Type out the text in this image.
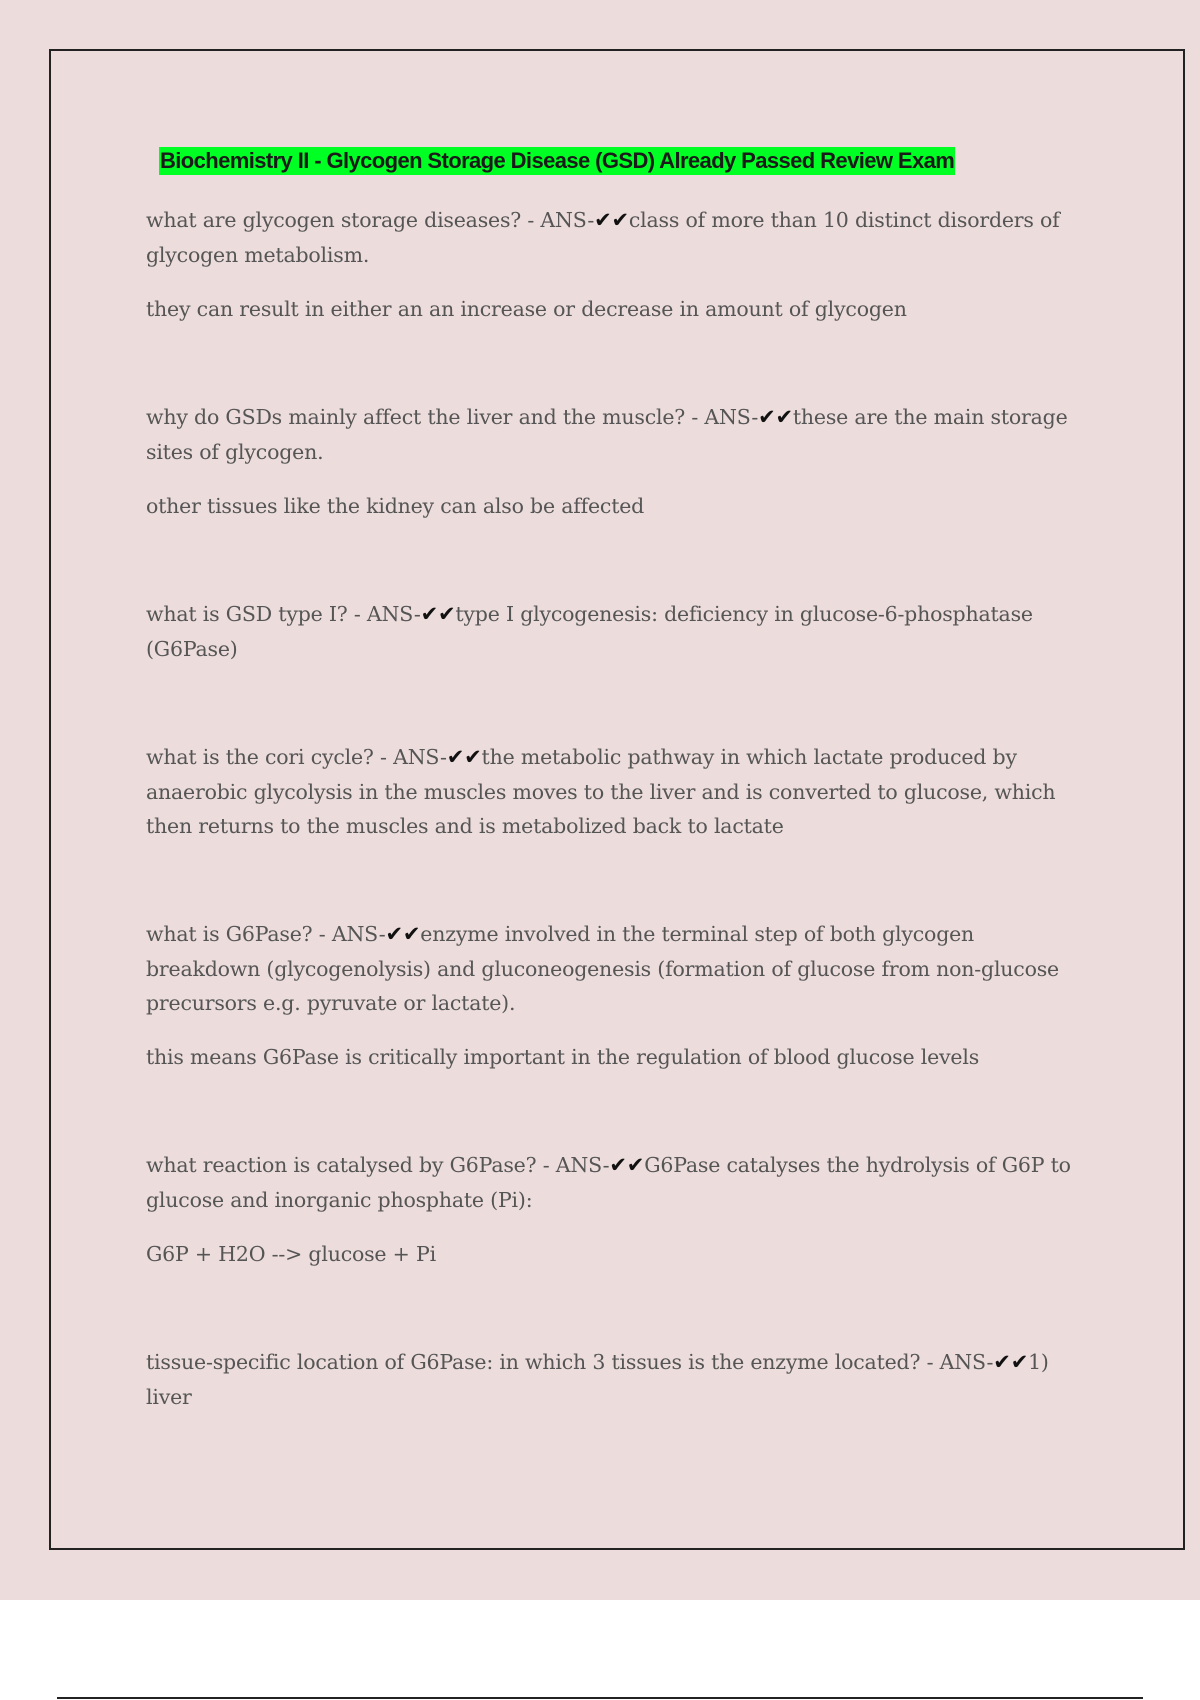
Biochemistry II - Glycogen Storage Disease (GSD) Already Passed Review Exam

what are glycogen storage diseases? - ANS-✔✔class of more than 10 distinct disorders of glycogen metabolism.

they can result in either an an increase or decrease in amount of glycogen

why do GSDs mainly affect the liver and the muscle? - ANS-✔✔these are the main storage sites of glycogen.

other tissues like the kidney can also be affected

what is GSD type I? - ANS-✔✔type I glycogenesis: deficiency in glucose-6-phosphatase (G6Pase)

what is the cori cycle? - ANS-✔✔the metabolic pathway in which lactate produced by anaerobic glycolysis in the muscles moves to the liver and is converted to glucose, which then returns to the muscles and is metabolized back to lactate

what is G6Pase? - ANS-✔✔enzyme involved in the terminal step of both glycogen breakdown (glycogenolysis) and gluconeogenesis (formation of glucose from non-glucose precursors e.g. pyruvate or lactate).

this means G6Pase is critically important in the regulation of blood glucose levels

what reaction is catalysed by G6Pase? - ANS-✔✔G6Pase catalyses the hydrolysis of G6P to glucose and inorganic phosphate (Pi):

G6P + H2O --> glucose + Pi

tissue-specific location of G6Pase: in which 3 tissues is the enzyme located? - ANS-✔✔1) liver
